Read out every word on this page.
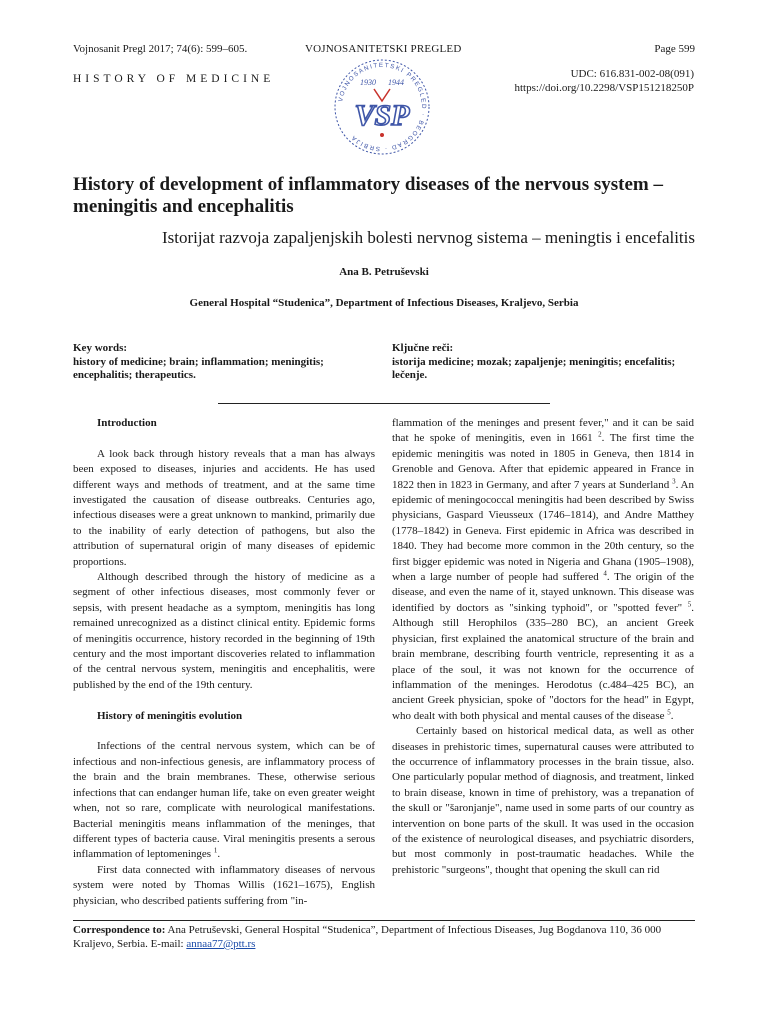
Vojnosanit Pregl 2017; 74(6): 599–605.	VOJNOSANITETSKI PREGLED	Page 599
HISTORY OF MEDICINE	UDC: 616.831-002-08(091)
https://doi.org/10.2298/VSP151218250P
VOJNOSANITETSKI PREGLED · BEOGRAD · SRBIJA
1930 1944
VSP
History of development of inflammatory diseases of the nervous system – meningitis and encephalitis
Istorijat razvoja zapaljenjskih bolesti nervnog sistema – meningtis i encefalitis
Ana B. Petruševski
General Hospital “Studenica”, Department of Infectious Diseases, Kraljevo, Serbia
Key words:
history of medicine; brain; inflammation; meningitis; encephalitis; therapeutics.
Ključne reči:
istorija medicine; mozak; zapaljenje; meningitis; encefalitis; lečenje.
Introduction

A look back through history reveals that a man has always been exposed to diseases, injuries and accidents. He has used different ways and methods of treatment, and at the same time investigated the causation of disease outbreaks. Centuries ago, infectious diseases were a great unknown to mankind, primarily due to the inability of early detection of pathogens, but also the attribution of supernatural origin of many diseases of epidemic proportions.

Although described through the history of medicine as a segment of other infectious diseases, most commonly fever or sepsis, with present headache as a symptom, meningitis has long remained unrecognized as a distinct clinical entity. Epidemic forms of meningitis occurrence, history recorded in the beginning of 19th century and the most important discoveries related to inflammation of the central nervous system, meningitis and encephalitis, were published by the end of the 19th century.

History of meningitis evolution

Infections of the central nervous system, which can be of infectious and non-infectious genesis, are inflammatory process of the brain and the brain membranes. These, otherwise serious infections that can endanger human life, take on even greater weight when, not so rare, complicate with neurological manifestations. Bacterial meningitis means inflammation of the meninges, that different types of bacteria cause. Viral meningitis presents a serous inflammation of leptomeninges $^1$.

First data connected with inflammatory diseases of nervous system were noted by Thomas Willis (1621–1675), English physician, who described patients suffering from "in-

flammation of the meninges and present fever," and it can be said that he spoke of meningitis, even in 1661 $^2$. The first time the epidemic meningitis was noted in 1805 in Geneva, then 1814 in Grenoble and Genova. After that epidemic appeared in France in 1822 then in 1823 in Germany, and after 7 years at Sunderland $^3$. An epidemic of meningococcal meningitis had been described by Swiss physicians, Gaspard Vieusseux (1746–1814), and Andre Matthey (1778–1842) in Geneva. First epidemic in Africa was described in 1840. They had become more common in the 20th century, so the first bigger epidemic was noted in Nigeria and Ghana (1905–1908), when a large number of people had suffered $^4$. The origin of the disease, and even the name of it, stayed unknown. This disease was identified by doctors as "sinking typhoid", or "spotted fever" $^5$. Although still Herophilos (335–280 BC), an ancient Greek physician, first explained the anatomical structure of the brain and brain membrane, describing fourth ventricle, representing it as a place of the soul, it was not known for the occurrence of inflammation of the meninges. Herodotus (c.484–425 BC), an ancient Greek physician, spoke of "doctors for the head" in Egypt, who dealt with both physical and mental causes of the disease $^5$.

Certainly based on historical medical data, as well as other diseases in prehistoric times, supernatural causes were attributed to the occurrence of inflammatory processes in the brain tissue, also. One particularly popular method of diagnosis, and treatment, linked to brain disease, known in time of prehistory, was a trepanation of the skull or "šaronjanje", name used in some parts of our country as intervention on bone parts of the skull. It was used in the occasion of the existence of neurological diseases, and psychiatric disorders, but most commonly in post-traumatic headaches. While the prehistoric "surgeons", thought that opening the skull can rid

Correspondence to: Ana Petruševski, General Hospital “Studenica”, Department of Infectious Diseases, Jug Bogdanova 110, 36 000 Kraljevo, Serbia. E-mail: annaa77@ptt.rs
